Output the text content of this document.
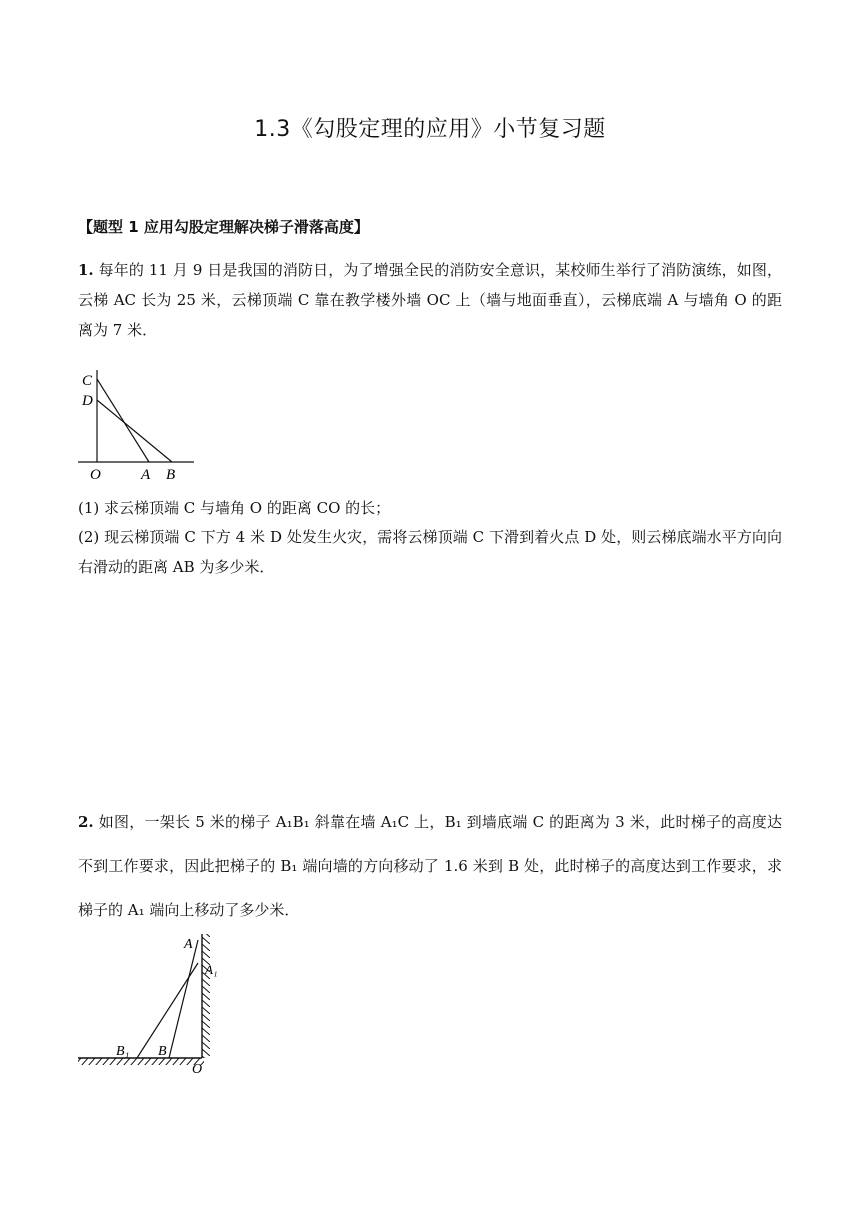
1.3《勾股定理的应用》小节复习题
【题型 1 应用勾股定理解决梯子滑落高度】
1. 每年的 11 月 9 日是我国的消防日，为了增强全民的消防安全意识，某校师生举行了消防演练，如图，云梯 AC 长为 25 米，云梯顶端 C 靠在教学楼外墙 OC 上（墙与地面垂直），云梯底端 A 与墙角 O 的距离为 7 米．
C
D
O	A B
(1) 求云梯顶端 C 与墙角 O 的距离 CO 的长；
(2) 现云梯顶端 C 下方 4 米 D 处发生火灾，需将云梯顶端 C 下滑到着火点 D 处，则云梯底端水平方向向右滑动的距离 AB 为多少米．
2. 如图，一架长 5 米的梯子 A₁B₁ 斜靠在墙 A₁C 上，B₁ 到墙底端 C 的距离为 3 米，此时梯子的高度达不到工作要求，因此把梯子的 B₁ 端向墙的方向移动了 1.6 米到 B 处，此时梯子的高度达到工作要求，求梯子的 A₁ 端向上移动了多少米．
A
A₁
B₁ B
O
